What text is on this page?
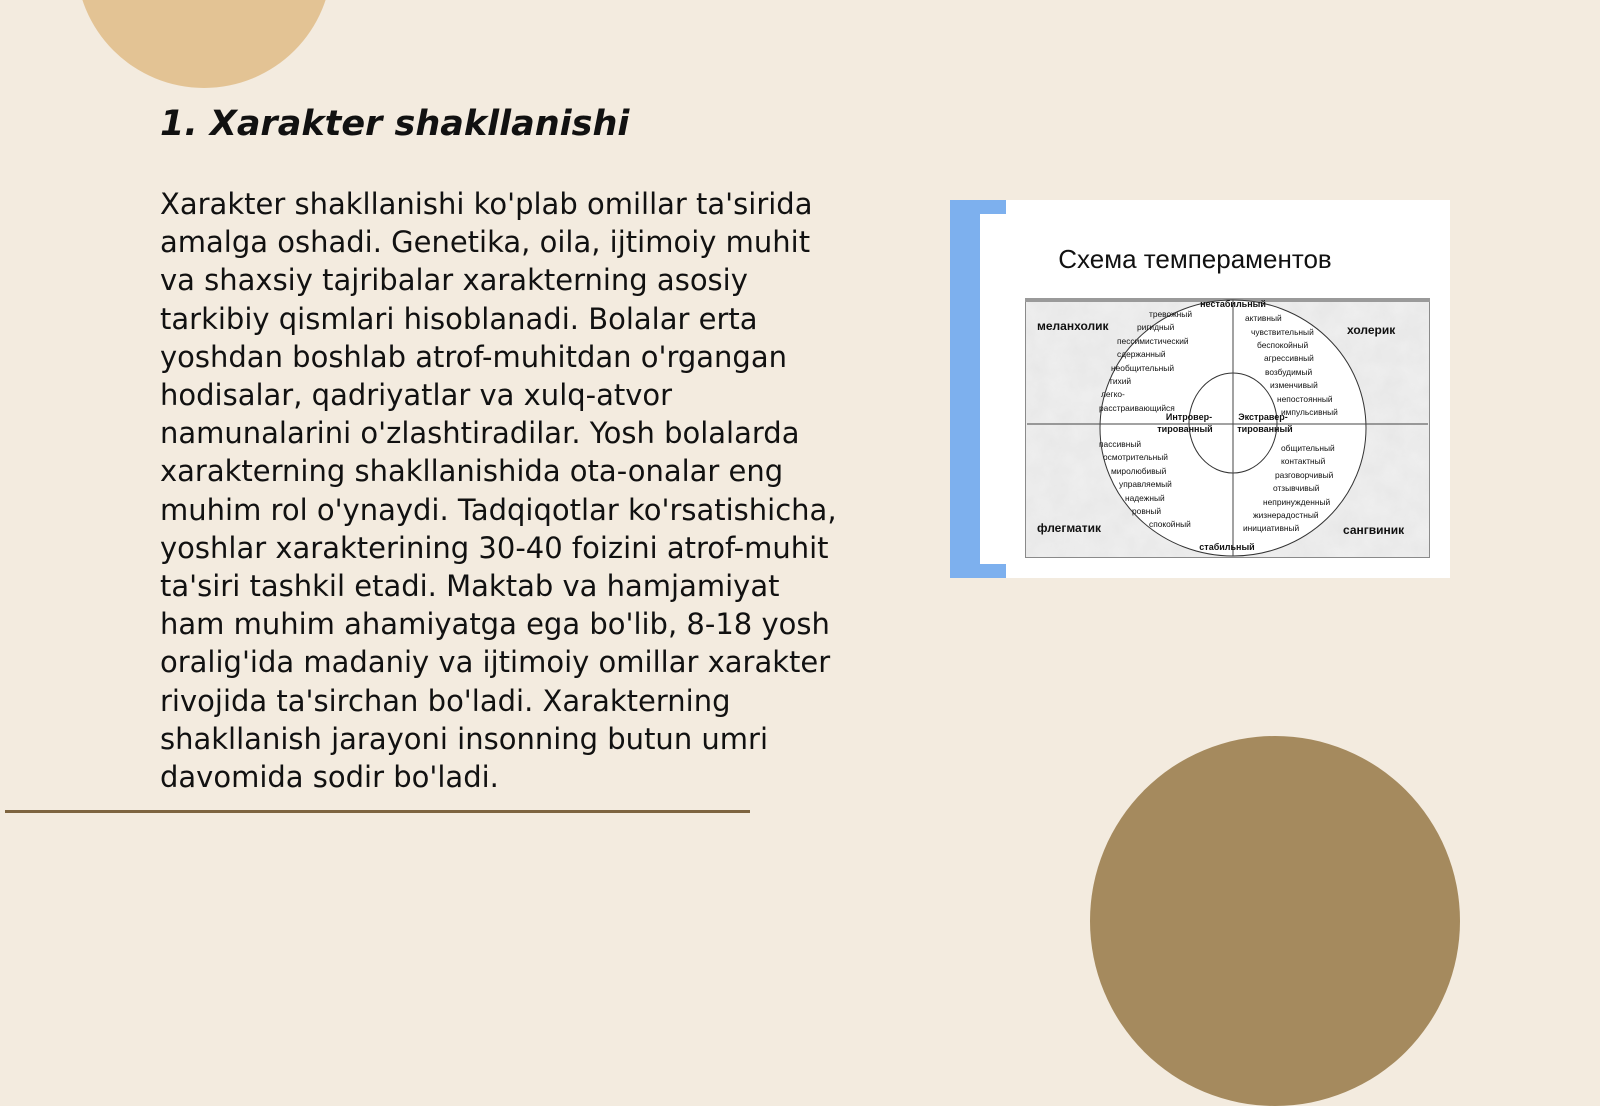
1. Xarakter shakllanishi

Xarakter shakllanishi ko'plab omillar ta'sirida amalga oshadi. Genetika, oila, ijtimoiy muhit va shaxsiy tajribalar xarakterning asosiy tarkibiy qismlari hisoblanadi. Bolalar erta yoshdan boshlab atrof-muhitdan o'rgangan hodisalar, qadriyatlar va xulq-atvor namunalarini o'zlashtiradilar. Yosh bolalarda xarakterning shakllanishida ota-onalar eng muhim rol o'ynaydi. Tadqiqotlar ko'rsatishicha, yoshlar xarakterining 30-40 foizini atrof-muhit ta'siri tashkil etadi. Maktab va hamjamiyat ham muhim ahamiyatga ega bo'lib, 8-18 yosh oralig'ida madaniy va ijtimoiy omillar xarakter rivojida ta'sirchan bo'ladi. Xarakterning shakllanish jarayoni insonning butun umri davomida sodir bo'ladi.

Схема темпераментов
нестабильный
стабильный
Интровер-
тированный
Экстравер-
тированный
меланхолик	холерик
флегматик	сангвиник
тревожный
ригидный
пессимистический
сдержанный
необщительный
тихий
легко-
расстраивающийся
активный
чувствительный
беспокойный
агрессивный
возбудимый
изменчивый
непостоянный
импульсивный
пассивный
осмотрительный
миролюбивый
управляемый
надежный
ровный
спокойный
общительный
контактный
разговорчивый
отзывчивый
непринужденный
жизнерадостный
инициативный
